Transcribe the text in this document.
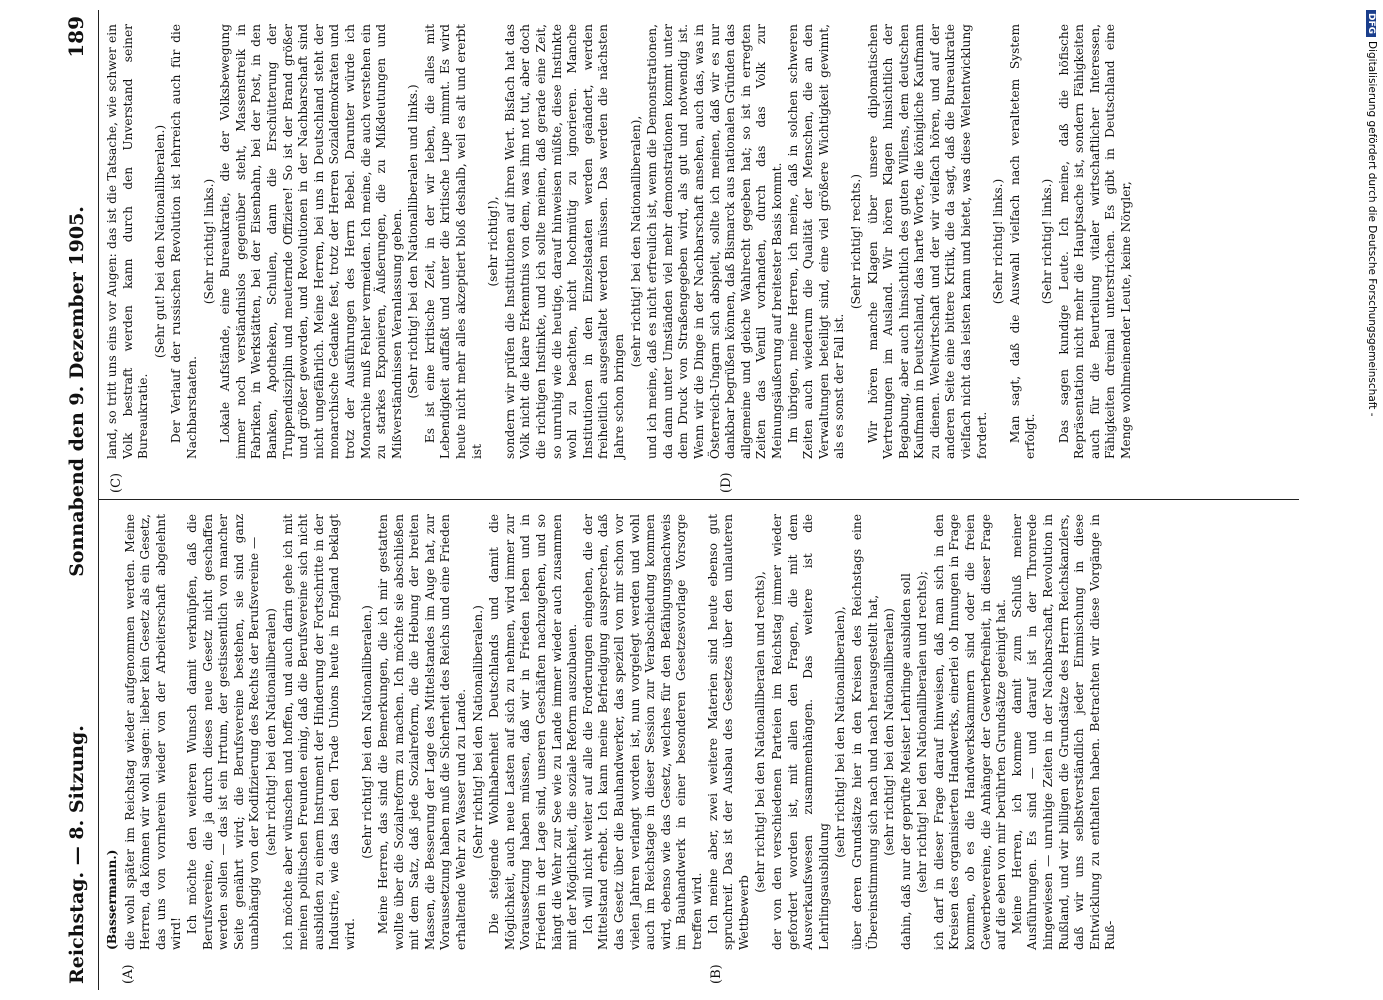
Reichstag. — 8. Sitzung.
Sonnabend den 9. Dezember 1905.
189
(A)	(B)
(Bassermann.) die wohl später im Reichstag wieder aufgenommen werden. Meine Herren, da können wir wohl sagen: lieber kein Gesetz als ein Gesetz, das uns von vornherein wieder von der Arbeiterschaft abgelehnt wird! Ich möchte den weiteren Wunsch damit verknüpfen, daß die Berufsvereine, die ja durch dieses neue Gesetz nicht geschaffen werden sollen — das ist ein Irrtum, der gestissentlich von mancher Seite genährt wird; die Berufsvereine bestehen, sie sind ganz unabhängig von der Kodifizierung des Rechts der Berufsvereine — (sehr richtig! bei den Nationalliberalen) ich möchte aber wünschen und hoffen, und auch darin gehe ich mit meinen politischen Freunden einig, daß die Berufsvereine sich nicht ausbilden zu einem Instrument der Hinderung der Fortschritte in der Industrie, wie das bei den Trade Unions heute in England beklagt wird.

(Sehr richtig! bei den Nationalliberalen.) Meine Herren, das sind die Bemerkungen, die ich mir gestatten wollte über die Sozialreform zu machen. Ich möchte sie abschließen mit dem Satz, daß jede Sozialreform, die die Hebung der breiten Massen, die Besserung der Lage des Mittelstandes im Auge hat, zur Voraussetzung haben muß die Sicherheit des Reichs und eine Frieden erhaltende Wehr zu Wasser und zu Lande. (Sehr richtig! bei den Nationalliberalen.) Die steigende Wohlhabenheit Deutschlands und damit die Möglichkeit, auch neue Lasten auf sich zu nehmen, wird immer zur Voraussetzung haben müssen, daß wir in Frieden leben und in Frieden in der Lage sind, unseren Geschäften nachzugehen, und so hängt die Wehr zur See wie zu Lande immer wieder auch zusammen mit der Möglichkeit, die soziale Reform auszubauen. Ich will nicht weiter auf alle die Forderungen eingehen, die der Mittelstand erhebt. Ich kann meine Befriedigung aussprechen, daß das Gesetz über die Bauhandwerker, das speziell von mir schon vor vielen Jahren verlangt worden ist, nun vorgelegt werden und wohl auch im Reichstage in dieser Session zur Verabschiedung kommen wird, ebenso wie das Gesetz, welches für den Befähigungsnachweis im Bauhandwerk in einer besonderen Gesetzesvorlage Vorsorge treffen wird. Ich meine aber, zwei weitere Materien sind heute ebenso gut spruchreif. Das ist der Ausbau des Gesetzes über den unlauteren Wettbewerb

(sehr richtig! bei den Nationalliberalen und rechts), der von den verschiedenen Parteien im Reichstag immer wieder gefordert worden ist, mit allen den Fragen, die mit dem Ausverkaufswesen zusammenhängen. Das weitere ist die Lehrlingsausbildung

(sehr richtig! bei den Nationalliberalen), über deren Grundsätze hier in den Kreisen des Reichstags eine Übereinstimmung sich nach und nach herausgestellt hat, (sehr richtig! bei den Nationalliberalen) dahin, daß nur der geprüfte Meister Lehrlinge ausbilden soll (sehr richtig! bei den Nationalliberalen und rechts); ich darf in dieser Frage darauf hinweisen, daß man sich in den Kreisen des organisierten Handwerks, einerlei ob Innungen in Frage kommen, ob es die Handwerkskammern sind oder die freien Gewerbevereine, die Anhänger der Gewerbefreiheit, in dieser Frage auf die eben von mir berührten Grundsätze geeinigt hat. Meine Herren, ich komme damit zum Schluß meiner Ausführungen. Es sind — und darauf ist in der Thronrede hingewiesen — unruhige Zeiten in der Nachbarschaft, Revolution in Rußland, und wir billigen die Grundsätze des Herrn Reichskanzlers, daß wir uns selbstverständlich jeder Einmischung in diese Entwicklung zu enthalten haben. Betrachten wir diese Vorgänge in Ruß-

(C)	(D)

land, so tritt uns eins vor Augen: das ist die Tatsache, wie schwer ein Volk bestraft werden kann durch den Unverstand seiner Bureaukratie.

(Sehr gut! bei den Nationalliberalen.) Der Verlauf der russischen Revolution ist lehrreich auch für die Nachbarstaaten.

(Sehr richtig! links.) Lokale Aufstände, eine Bureaukratie, die der Volksbewegung immer noch verständnislos gegenüber steht, Massenstreik in Fabriken, in Werkstätten, bei der Eisenbahn, bei der Post, in den Banken, Apotheken, Schulen, dann die Erschütterung der Truppendisziplin und meuternde Offiziere! So ist der Brand größer und größer geworden, und Revolutionen in der Nachbarschaft sind nicht ungefährlich. Meine Herren, bei uns in Deutschland steht der monarchische Gedanke fest, trotz der Herren Sozialdemokraten und trotz der Ausführungen des Herrn Bebel. Darunter würde ich Monarchie muß Fehler vermeiden. Ich meine, die auch verstehen ein zu starkes Exponieren, Äußerungen, die zu Mißdeutungen und Mißverständnissen Veranlassung geben. (Sehr richtig! bei den Nationalliberalen und links.) Es ist eine kritische Zeit, in der wir leben, die alles mit Lebendigkeit auffaßt und unter die kritische Lupe nimmt. Es wird heute nicht mehr alles akzeptiert bloß deshalb, weil es alt und ererbt ist

(sehr richtig!), sondern wir prüfen die Institutionen auf ihren Wert. Bisfach hat das Volk nicht die klare Erkenntnis von dem, was ihm not tut, aber doch die richtigen Instinkte, und ich sollte meinen, daß gerade eine Zeit, so unruhig wie die heutige, darauf hinweisen müßte, diese Instinkte wohl zu beachten, nicht hochmütig zu ignorieren. Manche Institutionen in den Einzelstaaten werden geändert, werden freiheitlich ausgestaltet werden müssen. Das werden die nächsten Jahre schon bringen

(sehr richtig! bei den Nationalliberalen), und ich meine, daß es nicht erfreulich ist, wenn die Demonstrationen, da dann unter Umständen viel mehr demonstrationen kommt unter dem Druck von Straßengegeben wird, als gut und notwendig ist. Wenn wir die Dinge in der Nachbarschaft ansehen, auch das, was in Österreich-Ungarn sich abspielt, sollte ich meinen, daß wir es nur dankbar begrüßen können, daß Bismarck aus nationalen Gründen das allgemeine und gleiche Wahlrecht gegeben hat; so ist in erregten Zeiten das Ventil vorhanden, durch das das Volk zur Meinungsäußerung auf breitester Basis kommt. Im übrigen, meine Herren, ich meine, daß in solchen schweren Zeiten auch wiederum die Qualität der Menschen, die an den Verwaltungen beteiligt sind, eine viel größere Wichtigkeit gewinnt, als es sonst der Fall ist.

(Sehr richtig! rechts.) Wir hören manche Klagen über unsere diplomatischen Vertretungen im Ausland. Wir hören Klagen hinsichtlich der Begabung, aber auch hinsichtlich des guten Willens, dem deutschen Kaufmann in Deutschland, das harte Worte, die königliche Kaufmann zu dienen. Weltwirtschaft und der wir vielfach hören, und auf der anderen Seite eine bittere Kritik, die da sagt, daß die Bureaukratie vielfach nicht das leisten kann und bietet, was diese Weltentwicklung fordert.

(Sehr richtig! links.) Man sagt, daß die Auswahl vielfach nach veraltetem System erfolgt.

(Sehr richtig! links.) Das sagen kundige Leute. Ich meine, daß die höfische Repräsentation nicht mehr die Hauptsache ist, sondern Fähigkeiten auch für die Beurteilung vitaler wirtschaftlicher Interessen, Fähigkeiten dreimal unterstrichen. Es gibt in Deutschland eine Menge wohlmeinender Leute, keine Nörgler,

DFGDigitalisierung gefördert durch die Deutsche Forschungsgemeinschaft -
